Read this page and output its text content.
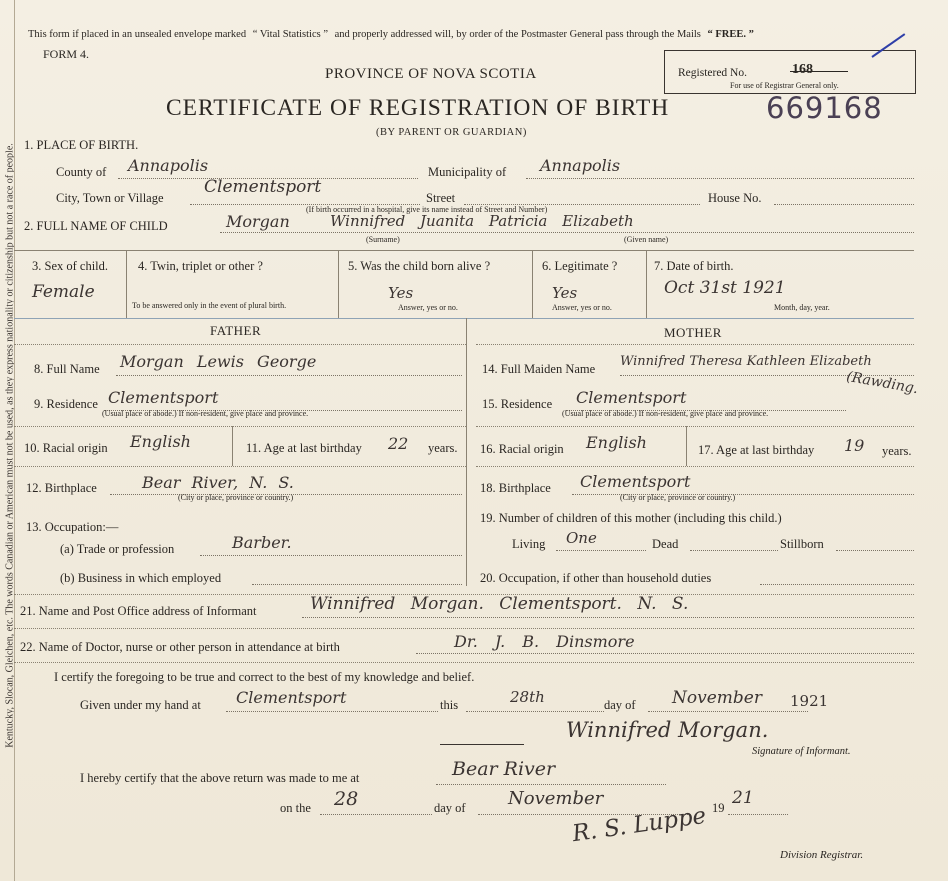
Kentucky, Slocan, Gleichen, etc. The words Canadian or American must not be used, as they express nationality or citizenship but not a race of people.
This form if placed in an unsealed envelope marked “ Vital Statistics ” and properly addressed will, by order of the Postmaster General pass through the Mails “ FREE. ”
FORM 4.
PROVINCE OF NOVA SCOTIA
CERTIFICATE OF REGISTRATION OF BIRTH
(BY PARENT OR GUARDIAN)
Registered No.	168
For use of Registrar General only.
669168
1. PLACE OF BIRTH.
County of Annapolis	Municipality of Annapolis
City, Town or Village
Clementsport
Street	House No.
(If birth occurred in a hospital, give its name instead of Street and Number)
2. FULL NAME OF CHILD	Morgan	Winnifred Juanita Patricia Elizabeth
(Surname)	(Given name)
3. Sex of child.
Female
4. Twin, triplet or other ?
To be answered only in the event of plural birth.
5. Was the child born alive ?
Yes
Answer, yes or no.
6. Legitimate ?
Yes
Answer, yes or no.
7. Date of birth.
Oct 31st 1921
Month, day, year.
FATHER	MOTHER
8. Full Name Morgan Lewis George
9. Residence Clementsport
(Usual place of abode.) If non-resident, give place and province.
10. Racial origin English	11. Age at last birthday 22 years.
12. Birthplace	Bear River, N. S.
(City or place, province or country.)
13. Occupation:—
(a) Trade or profession	Barber.
(b) Business in which employed
14. Full Maiden Name Winnifred Theresa Kathleen Elizabeth
(Rawding.
15. Residence Clementsport
(Usual place of abode.) If non-resident, give place and province.
16. Racial origin English	17. Age at last birthday 19 years.
18. Birthplace Clementsport
(City or place, province or country.)
19. Number of children of this mother (including this child.)
Living One	Dead	Stillborn
20. Occupation, if other than household duties
21. Name and Post Office address of Informant	Winnifred Morgan. Clementsport. N. S.
22. Name of Doctor, nurse or other person in attendance at birth	Dr. J. B. Dinsmore
I certify the foregoing to be true and correct to the best of my knowledge and belief.
Given under my hand at Clementsport	this	28th	day of November 1921
Winnifred Morgan.
Signature of Informant.
I hereby certify that the above return was made to me at	Bear River
on the 28	day of November	19 21
R. S. Luppe
Division Registrar.
